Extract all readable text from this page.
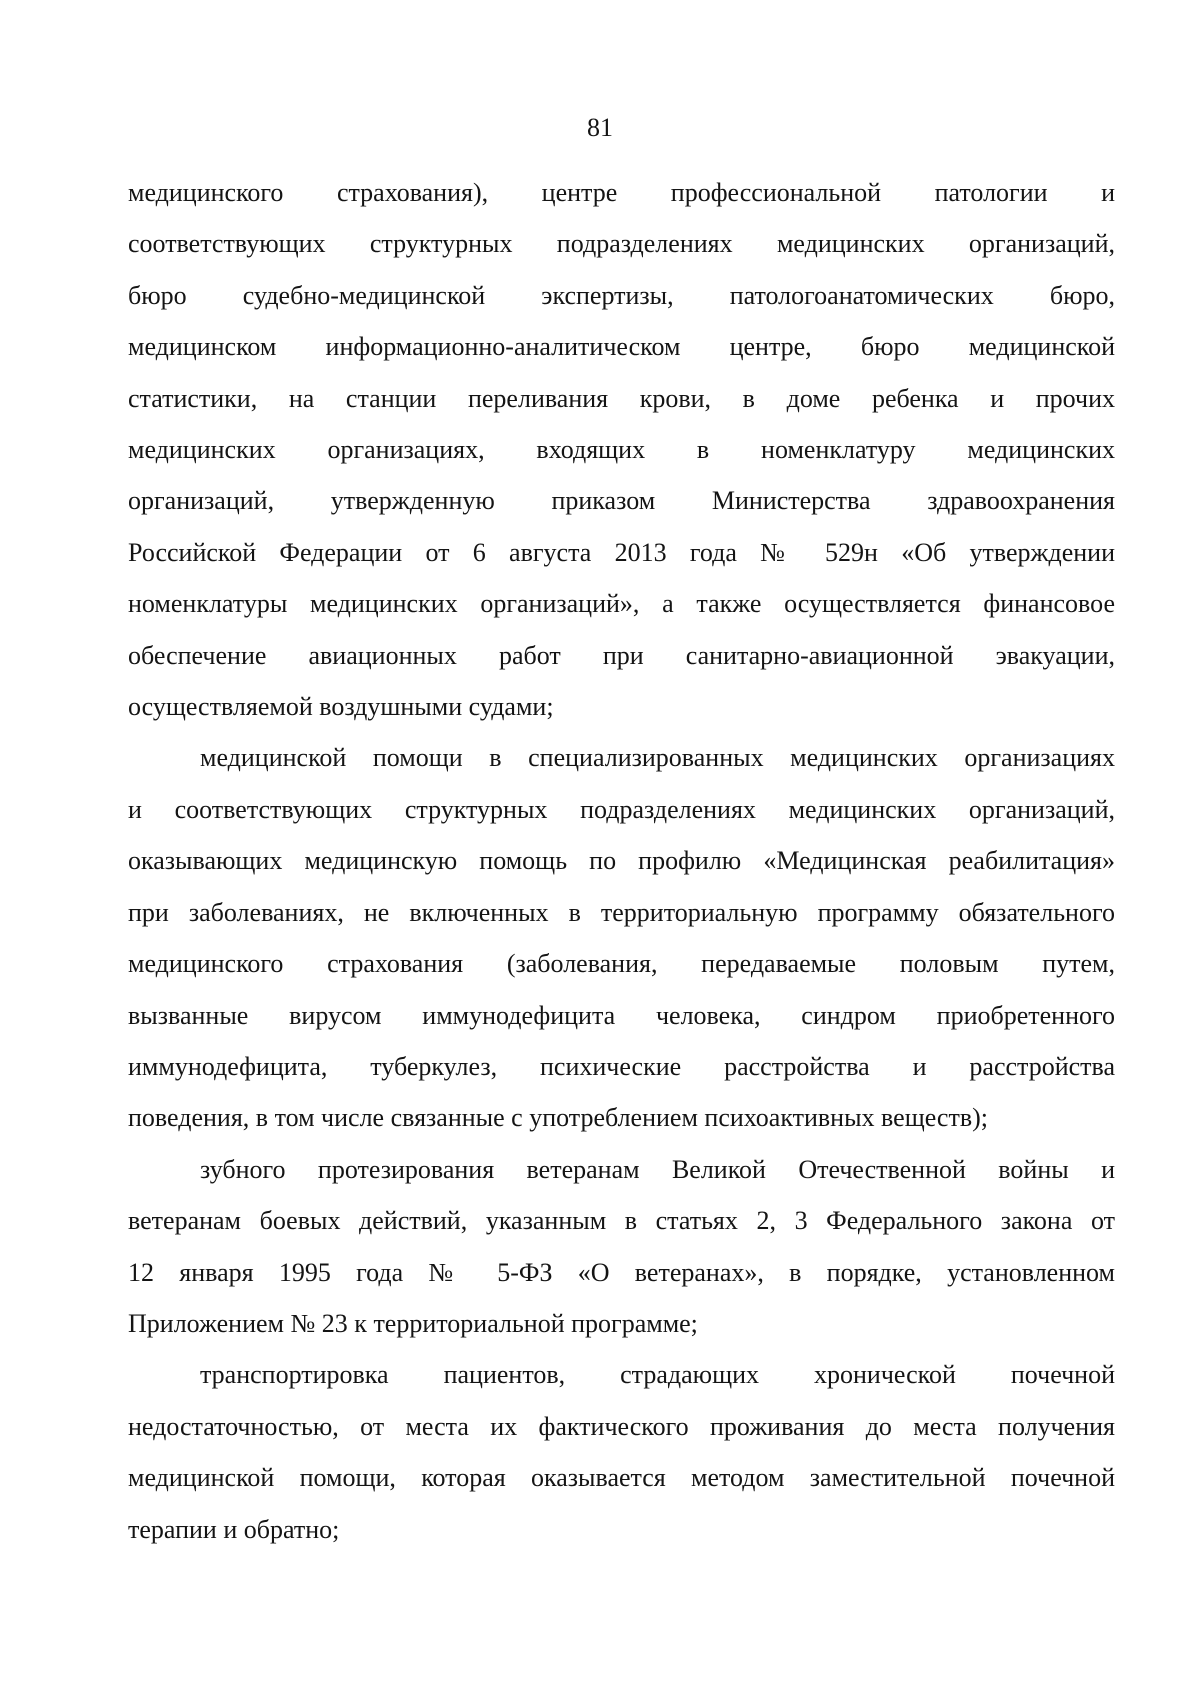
81
медицинского страхования), центре профессиональной патологии и
соответствующих структурных подразделениях медицинских организаций,
бюро судебно-медицинской экспертизы, патологоанатомических бюро,
медицинском информационно-аналитическом центре, бюро медицинской
статистики, на станции переливания крови, в доме ребенка и прочих
медицинских организациях, входящих в номенклатуру медицинских
организаций, утвержденную приказом Министерства здравоохранения
Российской Федерации от 6 августа 2013 года № 529н «Об утверждении
номенклатуры медицинских организаций», а также осуществляется финансовое
обеспечение авиационных работ при санитарно-авиационной эвакуации,
осуществляемой воздушными судами;
медицинской помощи в специализированных медицинских организациях
и соответствующих структурных подразделениях медицинских организаций,
оказывающих медицинскую помощь по профилю «Медицинская реабилитация»
при заболеваниях, не включенных в территориальную программу обязательного
медицинского страхования (заболевания, передаваемые половым путем,
вызванные вирусом иммунодефицита человека, синдром приобретенного
иммунодефицита, туберкулез, психические расстройства и расстройства
поведения, в том числе связанные с употреблением психоактивных веществ);
зубного протезирования ветеранам Великой Отечественной войны и
ветеранам боевых действий, указанным в статьях 2, 3 Федерального закона от
12 января 1995 года № 5-ФЗ «О ветеранах», в порядке, установленном
Приложением № 23 к территориальной программе;
транспортировка пациентов, страдающих хронической почечной
недостаточностью, от места их фактического проживания до места получения
медицинской помощи, которая оказывается методом заместительной почечной
терапии и обратно;
